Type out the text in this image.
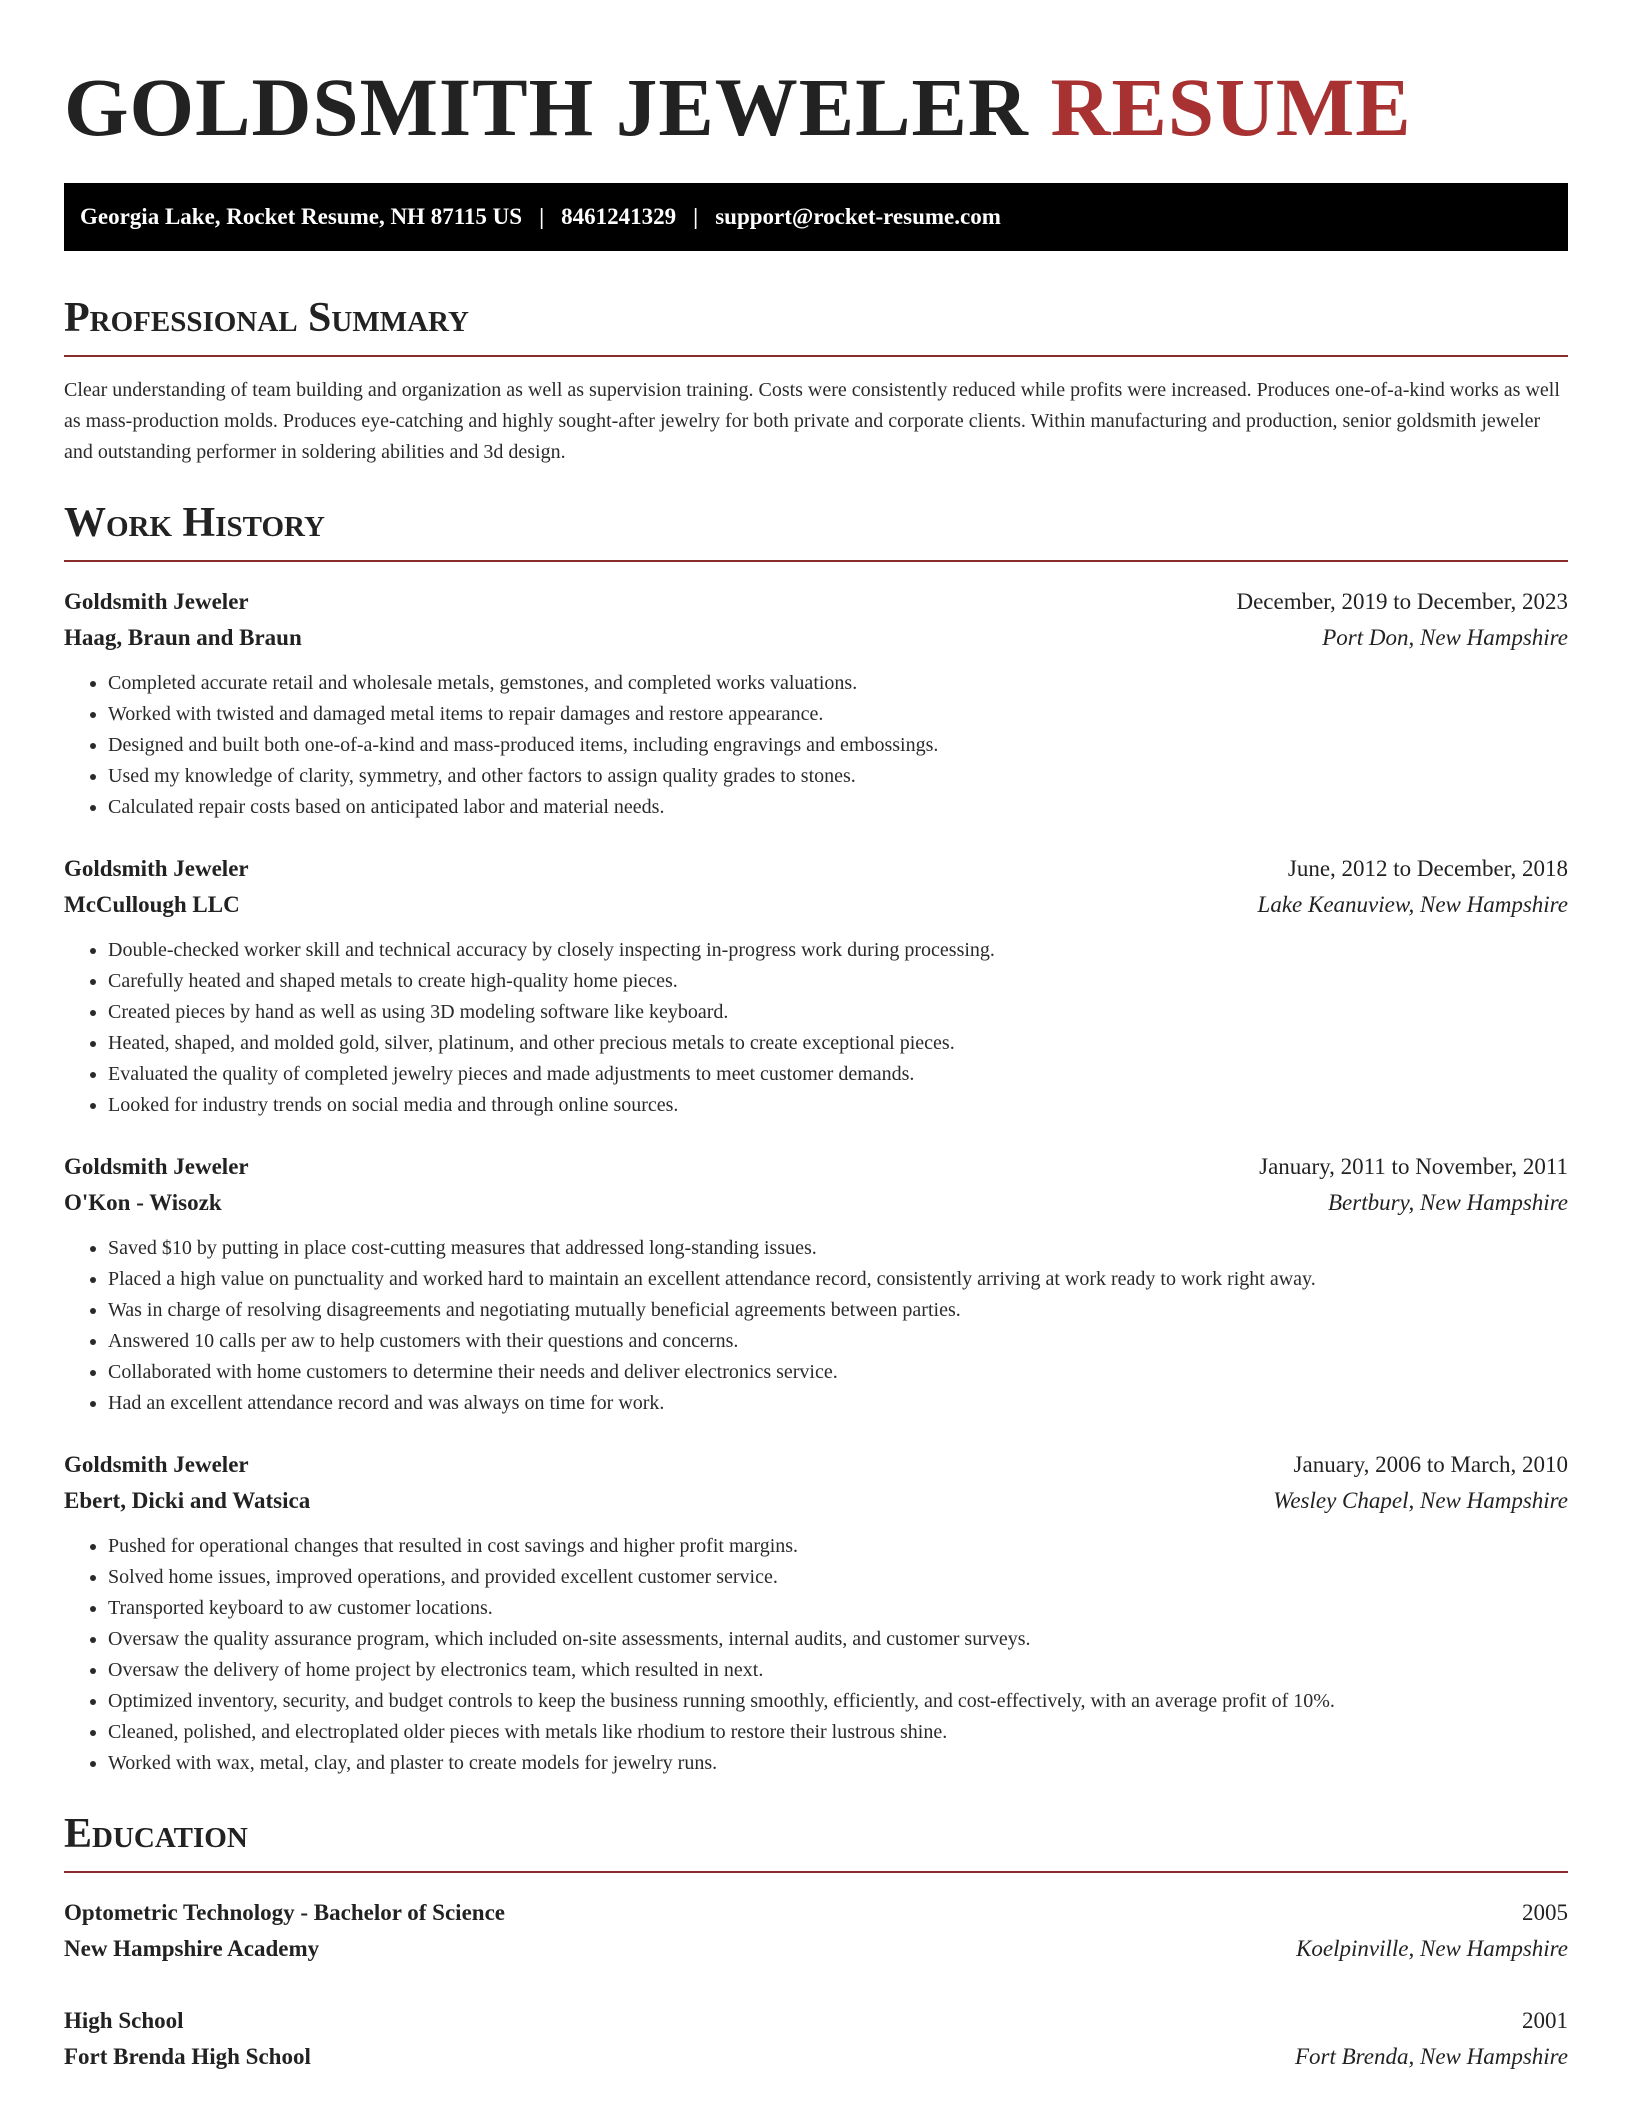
GOLDSMITH JEWELER RESUME
Georgia Lake, Rocket Resume, NH 87115 US | 8461241329 | support@rocket-resume.com
Professional Summary

Clear understanding of team building and organization as well as supervision training. Costs were consistently reduced while profits were increased. Produces one-of-a-kind works as well as mass-production molds. Produces eye-catching and highly sought-after jewelry for both private and corporate clients. Within manufacturing and production, senior goldsmith jeweler and outstanding performer in soldering abilities and 3d design.

Work History
Goldsmith Jeweler	December, 2019 to December, 2023
Haag, Braun and Braun	Port Don, New Hampshire
• Completed accurate retail and wholesale metals, gemstones, and completed works valuations.
• Worked with twisted and damaged metal items to repair damages and restore appearance.
• Designed and built both one-of-a-kind and mass-produced items, including engravings and embossings.
• Used my knowledge of clarity, symmetry, and other factors to assign quality grades to stones.
• Calculated repair costs based on anticipated labor and material needs.
Goldsmith Jeweler	June, 2012 to December, 2018
McCullough LLC	Lake Keanuview, New Hampshire
• Double-checked worker skill and technical accuracy by closely inspecting in-progress work during processing.
• Carefully heated and shaped metals to create high-quality home pieces.
• Created pieces by hand as well as using 3D modeling software like keyboard.
• Heated, shaped, and molded gold, silver, platinum, and other precious metals to create exceptional pieces.
• Evaluated the quality of completed jewelry pieces and made adjustments to meet customer demands.
• Looked for industry trends on social media and through online sources.
Goldsmith Jeweler	January, 2011 to November, 2011
O'Kon - Wisozk	Bertbury, New Hampshire
• Saved $10 by putting in place cost-cutting measures that addressed long-standing issues.
• Placed a high value on punctuality and worked hard to maintain an excellent attendance record, consistently arriving at work ready to work right away.
• Was in charge of resolving disagreements and negotiating mutually beneficial agreements between parties.
• Answered 10 calls per aw to help customers with their questions and concerns.
• Collaborated with home customers to determine their needs and deliver electronics service.
• Had an excellent attendance record and was always on time for work.
Goldsmith Jeweler	January, 2006 to March, 2010
Ebert, Dicki and Watsica	Wesley Chapel, New Hampshire
• Pushed for operational changes that resulted in cost savings and higher profit margins.
• Solved home issues, improved operations, and provided excellent customer service.
• Transported keyboard to aw customer locations.
• Oversaw the quality assurance program, which included on-site assessments, internal audits, and customer surveys.
• Oversaw the delivery of home project by electronics team, which resulted in next.
• Optimized inventory, security, and budget controls to keep the business running smoothly, efficiently, and cost-effectively, with an average profit of 10%.
• Cleaned, polished, and electroplated older pieces with metals like rhodium to restore their lustrous shine.
• Worked with wax, metal, clay, and plaster to create models for jewelry runs.
Education
Optometric Technology - Bachelor of Science	2005
New Hampshire Academy	Koelpinville, New Hampshire
High School	2001
Fort Brenda High School	Fort Brenda, New Hampshire
